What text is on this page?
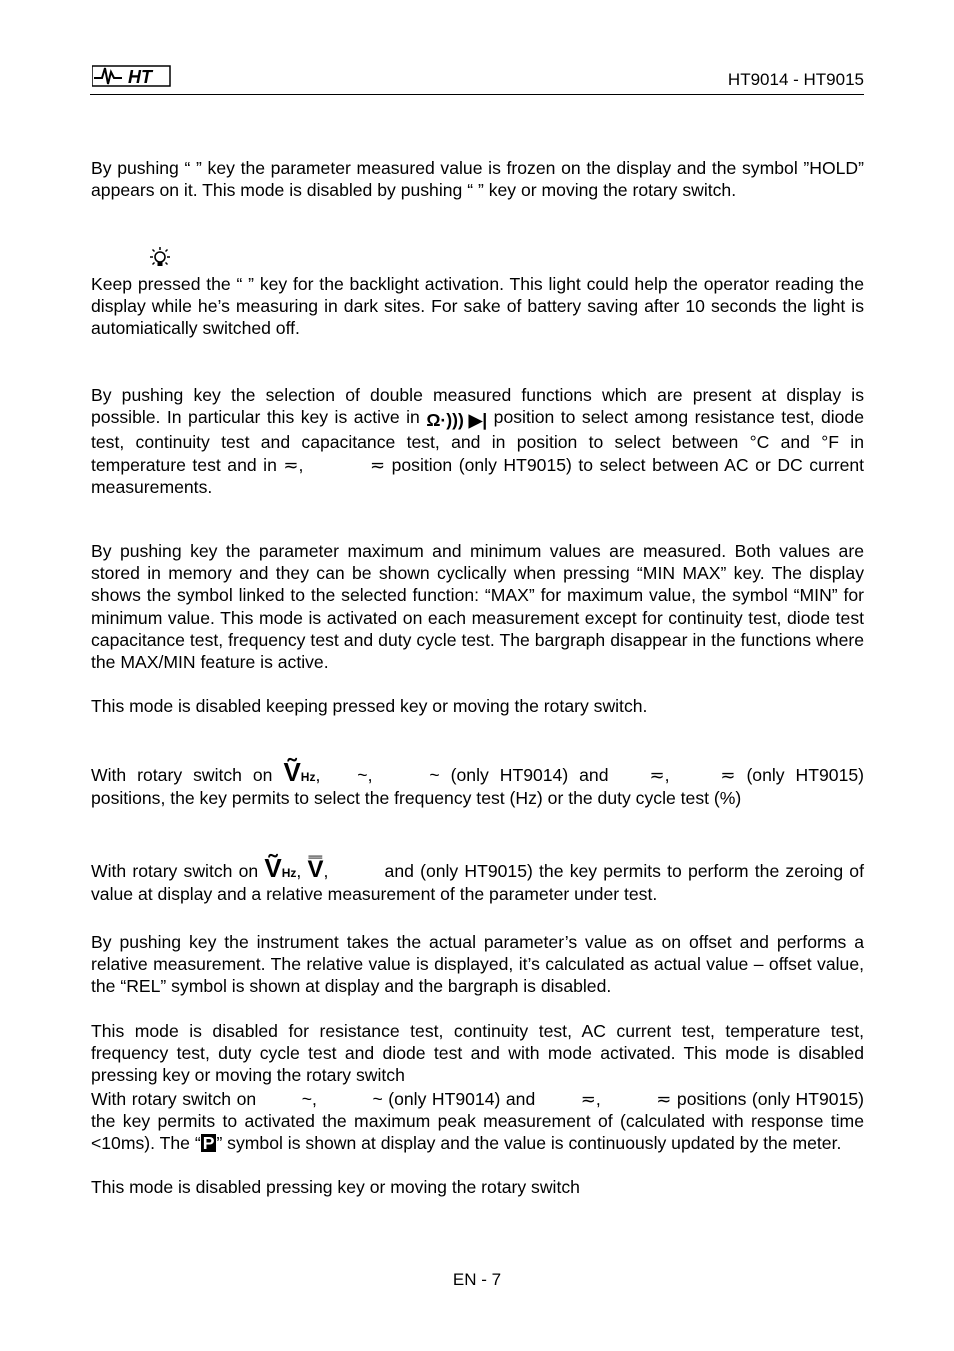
HT	HT9014 - HT9015

By pushing “ ” key the parameter measured value is frozen on the display and the symbol ”HOLD” appears on it. This mode is disabled by pushing “ ” key or moving the rotary switch.

Keep pressed the “ ” key for the backlight activation. This light could help the operator reading the display while he’s measuring in dark sites. For sake of battery saving after 10 seconds the light is automiatically switched off.

By pushing key the selection of double measured functions which are present at display is possible. In particular this key is active in Ω·))) ▶| position to select among resistance test, diode test, continuity test and capacitance test, and in position to select between °C and °F in temperature test and in ≂,	≂ position (only HT9015) to select between AC or DC current measurements.

By pushing key the parameter maximum and minimum values are measured. Both values are stored in memory and they can be shown cyclically when pressing “MIN MAX” key. The display shows the symbol linked to the selected function: “MAX” for maximum value, the symbol “MIN” for minimum value. This mode is activated on each measurement except for continuity test, diode test capacitance test, frequency test and duty cycle test. The bargraph disappear in the functions where the MAX/MIN feature is active.

This mode is disabled keeping pressed key or moving the rotary switch.

With rotary switch on ṼHz, ~,	~ (only HT9014) and ≂, ≂ (only HT9015) positions, the key permits to select the frequency test (Hz) or the duty cycle test (%)

With rotary switch on ṼHz, V̿,	and (only HT9015) the key permits to perform the zeroing of value at display and a relative measurement of the parameter under test.

By pushing key the instrument takes the actual parameter’s value as on offset and performs a relative measurement. The relative value is displayed, it’s calculated as actual value – offset value, the “REL” symbol is shown at display and the bargraph is disabled.

This mode is disabled for resistance test, continuity test, AC current test, temperature test, frequency test, duty cycle test and diode test and with mode activated. This mode is disabled pressing key or moving the rotary switch

With rotary switch on	~,	~ (only HT9014) and	≂,	≂ positions (only HT9015) the key permits to activated the maximum peak measurement of (calculated with response time <10ms). The “ P ” symbol is shown at display and the value is continuously updated by the meter.

This mode is disabled pressing key or moving the rotary switch

EN - 7
